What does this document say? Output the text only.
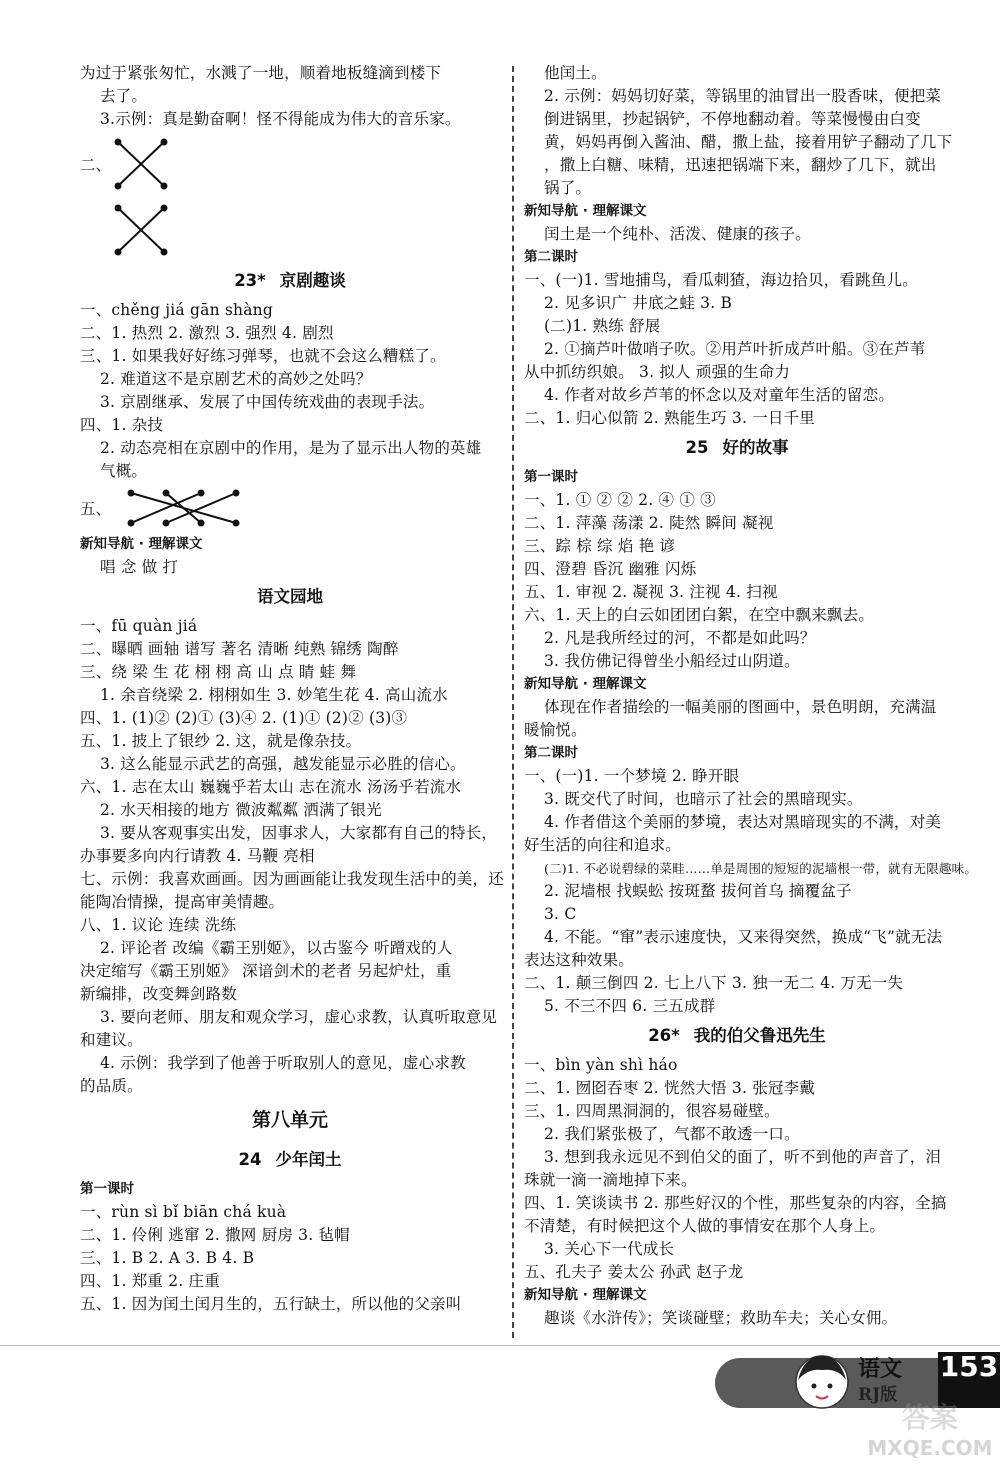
为过于紧张匆忙，水溅了一地，顺着地板缝滴到楼下
去了。
3.示例：真是勤奋啊！怪不得能成为伟大的音乐家。
二、
23* 京剧趣谈
一、chěng jiá gān shàng
二、1. 热烈 2. 激烈 3. 强烈 4. 剧烈
三、1. 如果我好好练习弹琴，也就不会这么糟糕了。
2. 难道这不是京剧艺术的高妙之处吗？
3. 京剧继承、发展了中国传统戏曲的表现手法。
四、1. 杂技
2. 动态亮相在京剧中的作用，是为了显示出人物的英雄
气概。
五、
新知导航 · 理解课文
唱 念 做 打
语文园地
一、fū quàn jiá
二、曝晒 画轴 谱写 著名 清晰 纯熟 锦绣 陶醉
三、绕 梁 生 花 栩 栩 高 山 点 睛 蛙 舞
1. 余音绕梁 2. 栩栩如生 3. 妙笔生花 4. 高山流水
四、1. (1)② (2)① (3)④ 2. (1)① (2)② (3)③
五、1. 披上了银纱 2. 这，就是像杂技。
3. 这么能显示武艺的高强，越发能显示必胜的信心。
六、1. 志在太山 巍巍乎若太山 志在流水 汤汤乎若流水
2. 水天相接的地方 微波粼粼 洒满了银光
3. 要从客观事实出发，因事求人，大家都有自己的特长，
办事要多向内行请教 4. 马鞭 亮相
七、示例：我喜欢画画。因为画画能让我发现生活中的美，还
能陶冶情操，提高审美情趣。
八、1. 议论 连续 洗练
2. 评论者 改编《霸王别姬》，以古鉴今 听蹭戏的人
决定缩写《霸王别姬》 深谙剑术的老者 另起炉灶，重
新编排，改变舞剑路数
3. 要向老师、朋友和观众学习，虚心求教，认真听取意见
和建议。
4. 示例：我学到了他善于听取别人的意见，虚心求教
的品质。
第八单元
24 少年闰土
第一课时
一、rùn sì bǐ biān chá kuà
二、1. 伶俐 逃窜 2. 撒网 厨房 3. 毡帽
三、1. B 2. A 3. B 4. B
四、1. 郑重 2. 庄重
五、1. 因为闰土闰月生的，五行缺土，所以他的父亲叫
他闰土。
2. 示例：妈妈切好菜，等锅里的油冒出一股香味，便把菜
倒进锅里，抄起锅铲，不停地翻动着。等菜慢慢由白变
黄，妈妈再倒入酱油、醋，撒上盐，接着用铲子翻动了几下
，撒上白糖、味精，迅速把锅端下来，翻炒了几下，就出
锅了。
新知导航 · 理解课文
闰土是一个纯朴、活泼、健康的孩子。
第二课时
一、(一)1. 雪地捕鸟，看瓜刺猹，海边拾贝，看跳鱼儿。
2. 见多识广 井底之蛙 3. B
(二)1. 熟练 舒展
2. ①摘芦叶做哨子吹。②用芦叶折成芦叶船。③在芦苇
从中抓纺织娘。 3. 拟人 顽强的生命力
4. 作者对故乡芦苇的怀念以及对童年生活的留恋。
二、1. 归心似箭 2. 熟能生巧 3. 一日千里
25 好的故事
第一课时
一、1. ① ② ② 2. ④ ① ③
二、1. 萍藻 荡漾 2. 陡然 瞬间 凝视
三、踪 棕 综 焰 艳 谚
四、澄碧 昏沉 幽雅 闪烁
五、1. 审视 2. 凝视 3. 注视 4. 扫视
六、1. 天上的白云如团团白絮，在空中飘来飘去。
2. 凡是我所经过的河，不都是如此吗？
3. 我仿佛记得曾坐小船经过山阴道。
新知导航 · 理解课文
体现在作者描绘的一幅美丽的图画中，景色明朗，充满温
暖愉悦。
第二课时
一、(一)1. 一个梦境 2. 睁开眼
3. 既交代了时间，也暗示了社会的黑暗现实。
4. 作者借这个美丽的梦境，表达对黑暗现实的不满，对美
好生活的向往和追求。
(二)1. 不必说碧绿的菜畦……单是周围的短短的泥墙根一带，就有无限趣味。
2. 泥墙根 找蜈蚣 按斑蝥 拔何首乌 摘覆盆子
3. C
4. 不能。“窜”表示速度快，又来得突然，换成“飞”就无法
表达这种效果。
二、1. 颠三倒四 2. 七上八下 3. 独一无二 4. 万无一失
5. 不三不四 6. 三五成群
26* 我的伯父鲁迅先生
一、bìn yàn shì háo
二、1. 囫囵吞枣 2. 恍然大悟 3. 张冠李戴
三、1. 四周黑洞洞的，很容易碰壁。
2. 我们紧张极了，气都不敢透一口。
3. 想到我永远见不到伯父的面了，听不到他的声音了，泪
珠就一滴一滴地掉下来。
四、1. 笑谈读书 2. 那些好汉的个性，那些复杂的内容，全搞
不清楚，有时候把这个人做的事情安在那个人身上。
3. 关心下一代成长
五、孔夫子 姜太公 孙武 赵子龙
新知导航 · 理解课文
趣谈《水浒传》；笑谈碰壁；救助车夫；关心女佣。
语文
RJ版
153
MXQE.COM
答案
